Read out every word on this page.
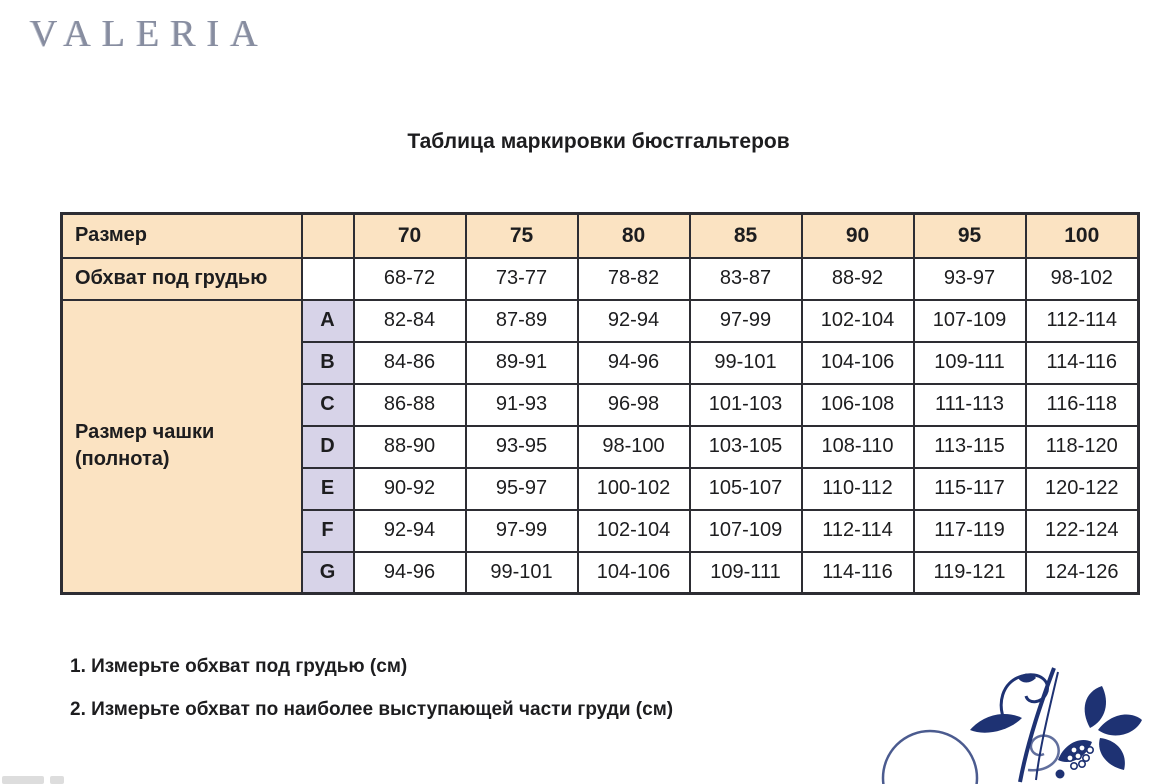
VALERIA
Таблица маркировки бюстгальтеров
Размер		70	75	80	85	90	95	100
Обхват под грудью		68-72	73-77	78-82	83-87	88-92	93-97	98-102
Размер чашки
(полнота)	A	82-84	87-89	92-94	97-99	102-104	107-109	112-114
	B	84-86	89-91	94-96	99-101	104-106	109-111	114-116
	C	86-88	91-93	96-98	101-103	106-108	111-113	116-118
	D	88-90	93-95	98-100	103-105	108-110	113-115	118-120
	E	90-92	95-97	100-102	105-107	110-112	115-117	120-122
	F	92-94	97-99	102-104	107-109	112-114	117-119	122-124
	G	94-96	99-101	104-106	109-111	114-116	119-121	124-126
1. Измерьте обхват под грудью (см)
2. Измерьте обхват по наиболее выступающей части груди (см)
